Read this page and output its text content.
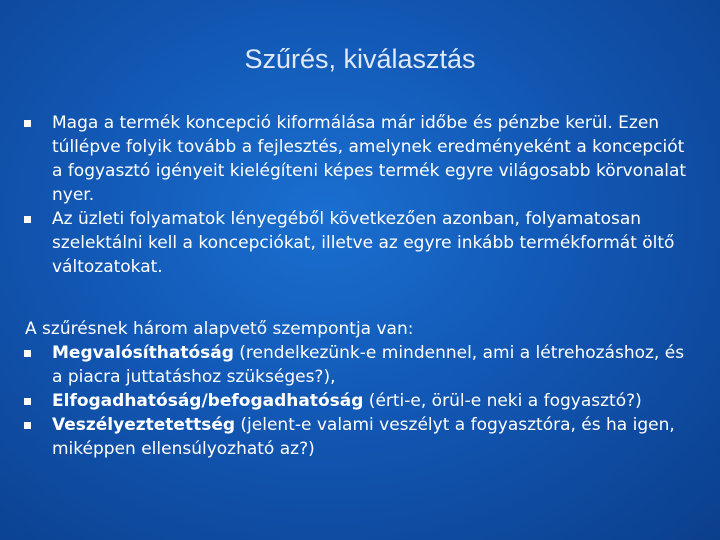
Szűrés, kiválasztás
Maga a termék koncepció kiformálása már időbe és pénzbe kerül. Ezen túllépve folyik tovább a fejlesztés, amelynek eredményeként a koncepciót a fogyasztó igényeit kielégíteni képes termék egyre világosabb körvonalat nyer.
Az üzleti folyamatok lényegéből következően azonban, folyamatosan szelektálni kell a koncepciókat, illetve az egyre inkább termékformát öltő változatokat.
A szűrésnek három alapvető szempontja van:
Megvalósíthatóság (rendelkezünk-e mindennel, ami a létrehozáshoz, és a piacra juttatáshoz szükséges?),
Elfogadhatóság/befogadhatóság (érti-e, örül-e neki a fogyasztó?)
Veszélyeztetettség (jelent-e valami veszélyt a fogyasztóra, és ha igen, miképpen ellensúlyozható az?)
